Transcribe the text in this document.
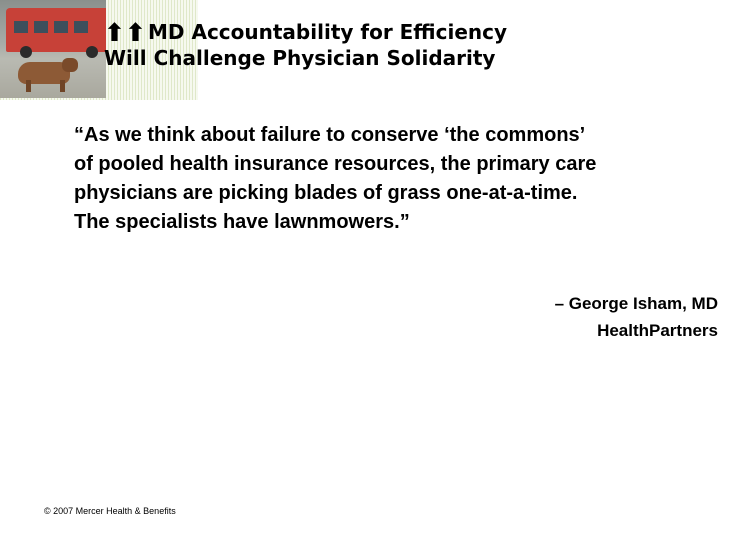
⬆⬆ MD Accountability for Efficiency
Will Challenge Physician Solidarity

“As we think about failure to conserve ‘the commons’
of pooled health insurance resources, the primary care
physicians are picking blades of grass one-at-a-time.
The specialists have lawnmowers.”

– George Isham, MD
HealthPartners
© 2007 Mercer Health & Benefits
